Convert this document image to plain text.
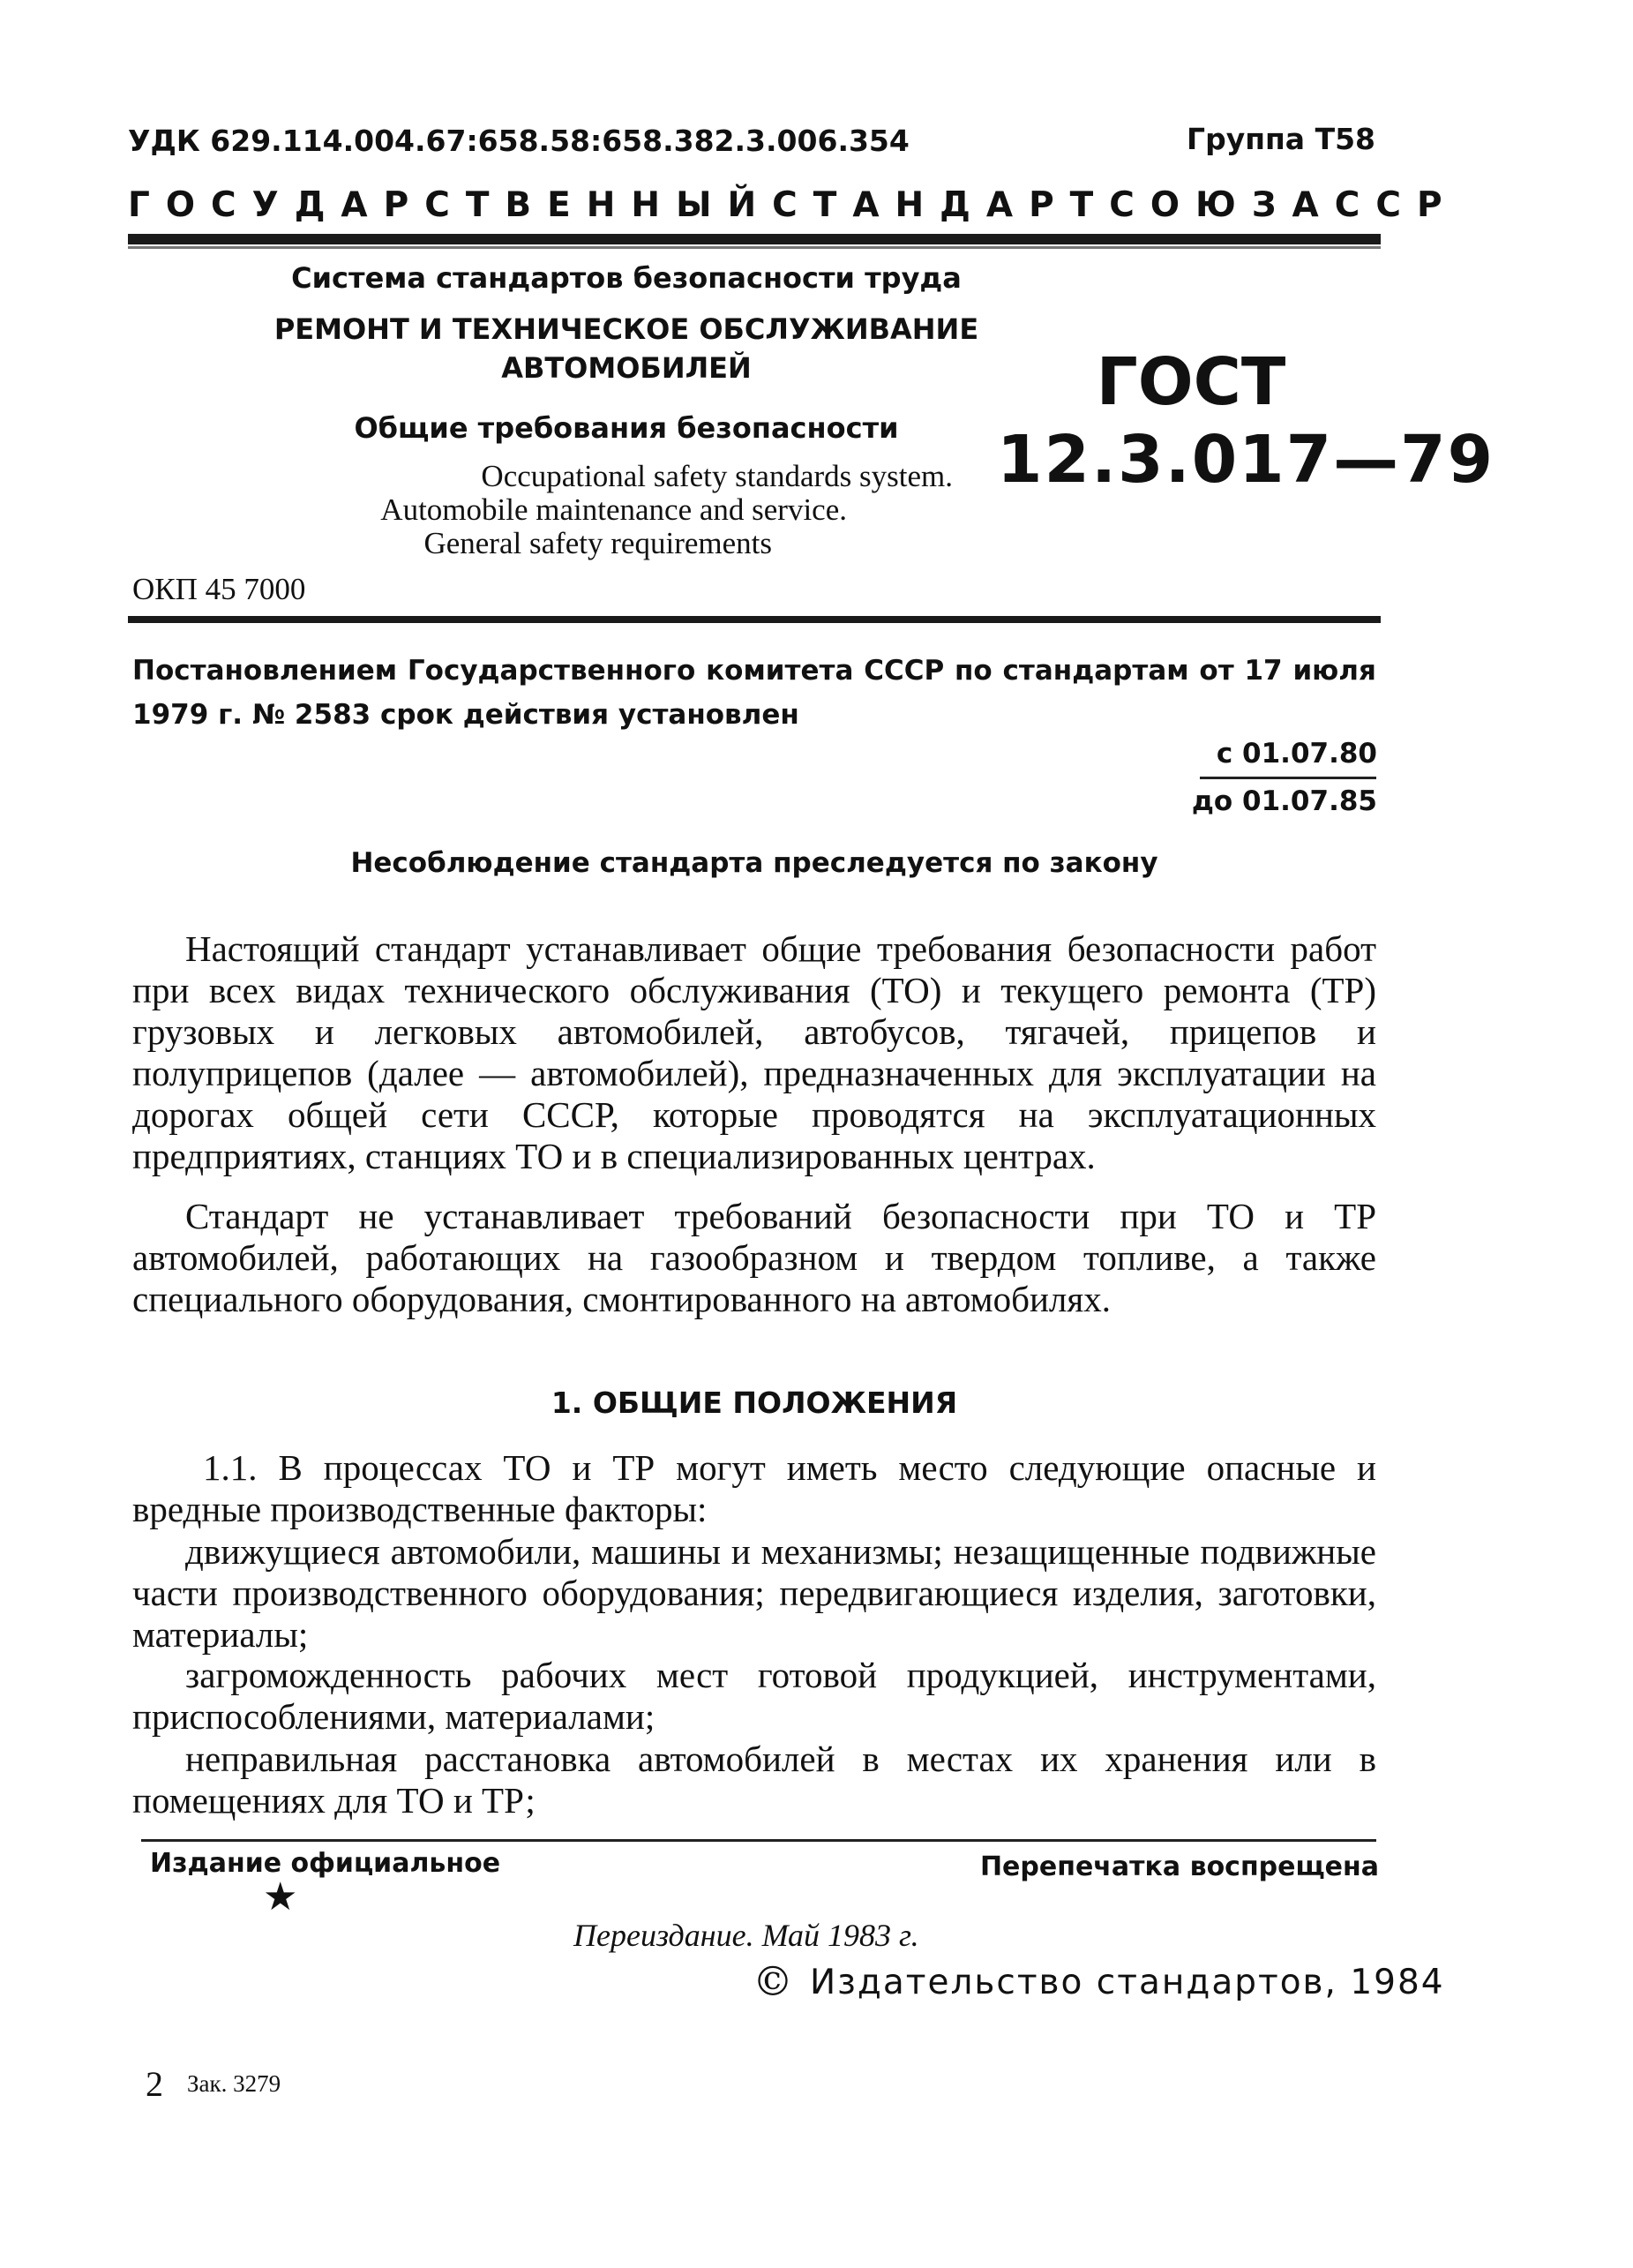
УДК 629.114.004.67:658.58:658.382.3.006.354	Группа Т58
ГОСУДАРСТВЕННЫЙ СТАНДАРТ СОЮЗА ССР
Система стандартов безопасности труда
РЕМОНТ И ТЕХНИЧЕСКОЕ ОБСЛУЖИВАНИЕ
АВТОМОБИЛЕЙ
Общие требования безопасности
Occupational safety standards system.
Automobile maintenance and service.
General safety requirements
ОКП 45 7000
ГОСТ
12.3.017—79
Постановлением Государственного комитета СССР по стандартам от 17 июля
1979 г. № 2583 срок действия установлен
с 01.07.80
до 01.07.85
Несоблюдение стандарта преследуется по закону
Настоящий стандарт устанавливает общие требования безопасности работ при всех видах технического обслуживания (ТО) и текущего ремонта (ТР) грузовых и легковых автомобилей, автобусов, тягачей, прицепов и полуприцепов (далее — автомобилей), предназначенных для эксплуатации на дорогах общей сети СССР, которые проводятся на эксплуатационных предприятиях, станциях ТО и в специализированных центрах.
Стандарт не устанавливает требований безопасности при ТО и ТР автомобилей, работающих на газообразном и твердом топливе, а также специального оборудования, смонтированного на автомобилях.
1. ОБЩИЕ ПОЛОЖЕНИЯ
1.1. В процессах ТО и ТР могут иметь место следующие опасные и вредные производственные факторы:
движущиеся автомобили, машины и механизмы; незащищенные подвижные части производственного оборудования; передвигающиеся изделия, заготовки, материалы;
загроможденность рабочих мест готовой продукцией, инструментами, приспособлениями, материалами;
неправильная расстановка автомобилей в местах их хранения или в помещениях для ТО и ТР;
Издание официальное	Перепечатка воспрещена
★
Переиздание. Май 1983 г.
© Издательство стандартов, 1984
2 Зак. 3279
